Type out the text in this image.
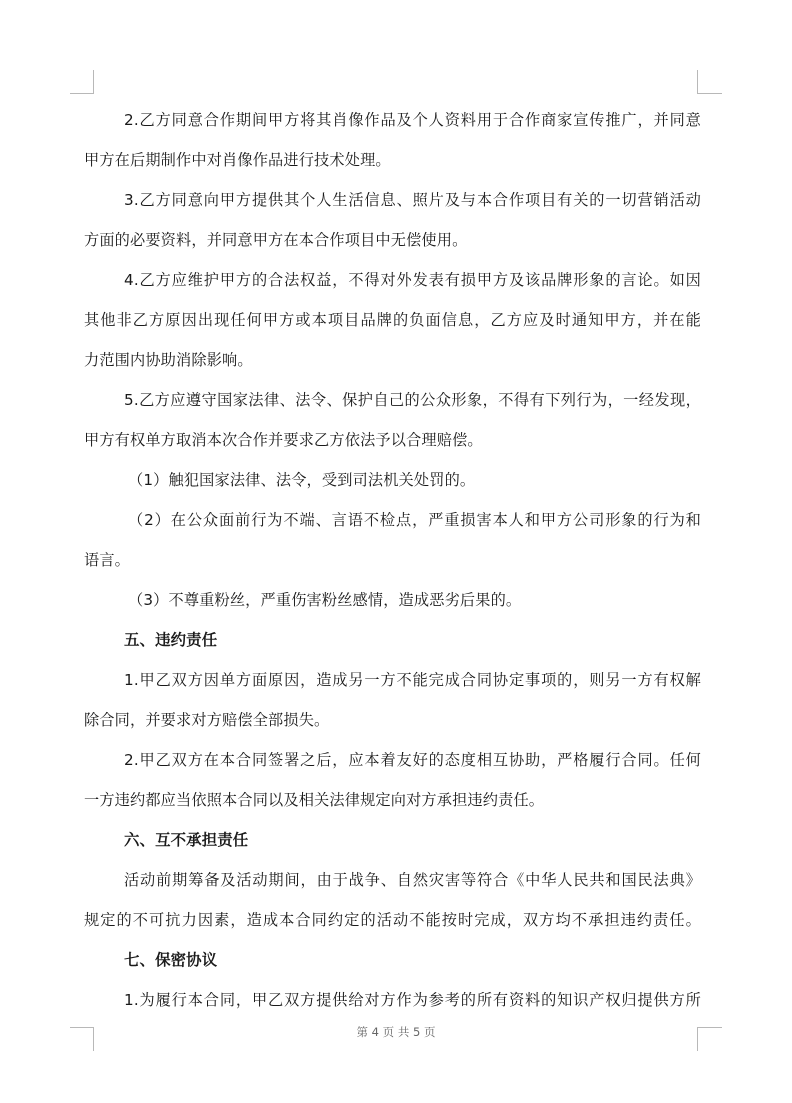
2.乙方同意合作期间甲方将其肖像作品及个人资料用于合作商家宣传推广，并同意
甲方在后期制作中对肖像作品进行技术处理。
3.乙方同意向甲方提供其个人生活信息、照片及与本合作项目有关的一切营销活动
方面的必要资料，并同意甲方在本合作项目中无偿使用。
4.乙方应维护甲方的合法权益，不得对外发表有损甲方及该品牌形象的言论。如因
其他非乙方原因出现任何甲方或本项目品牌的负面信息，乙方应及时通知甲方，并在能
力范围内协助消除影响。
5.乙方应遵守国家法律、法令、保护自己的公众形象，不得有下列行为，一经发现，
甲方有权单方取消本次合作并要求乙方依法予以合理赔偿。
（1）触犯国家法律、法令，受到司法机关处罚的。
（2）在公众面前行为不端、言语不检点，严重损害本人和甲方公司形象的行为和
语言。
（3）不尊重粉丝，严重伤害粉丝感情，造成恶劣后果的。
五、违约责任
1.甲乙双方因单方面原因，造成另一方不能完成合同协定事项的，则另一方有权解
除合同，并要求对方赔偿全部损失。
2.甲乙双方在本合同签署之后，应本着友好的态度相互协助，严格履行合同。任何
一方违约都应当依照本合同以及相关法律规定向对方承担违约责任。
六、互不承担责任
活动前期筹备及活动期间，由于战争、自然灾害等符合《中华人民共和国民法典》
规定的不可抗力因素，造成本合同约定的活动不能按时完成，双方均不承担违约责任。
七、保密协议
1.为履行本合同，甲乙双方提供给对方作为参考的所有资料的知识产权归提供方所
第 4 页 共 5 页
